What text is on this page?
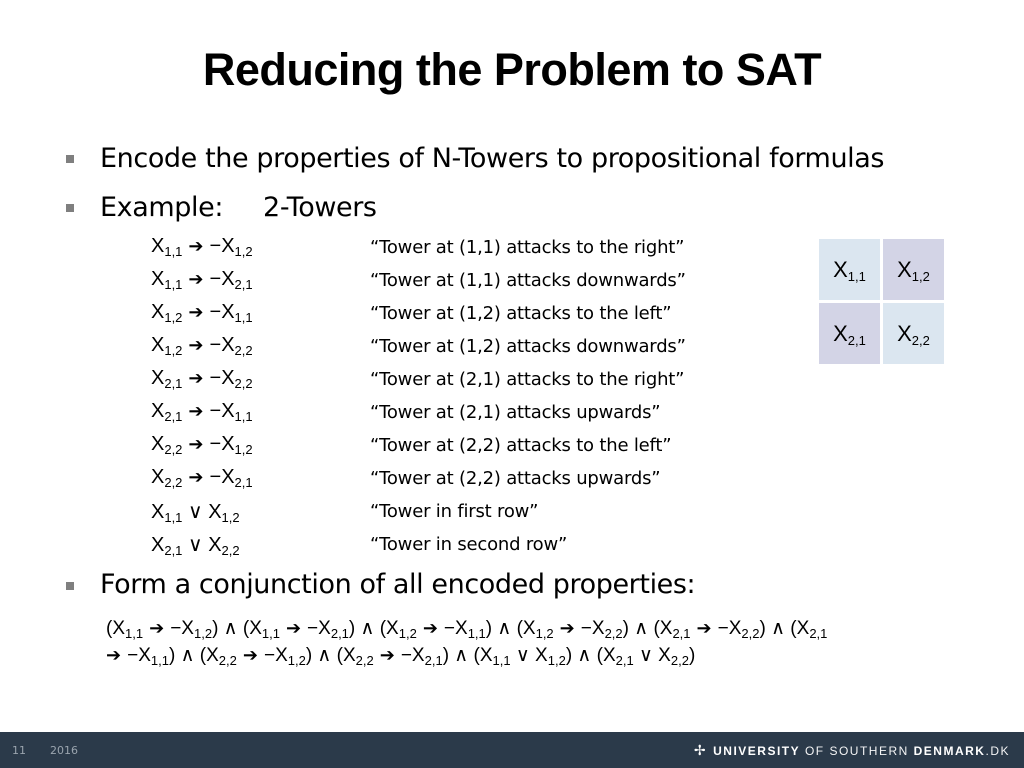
Reducing the Problem to SAT
Encode the properties of N-Towers to propositional formulas
Example: 2-Towers
$X_{1,1}$ ➔ $-X_{1,2}$	“Tower at (1,1) attacks to the right”
$X_{1,1}$ ➔ $-X_{2,1}$	“Tower at (1,1) attacks downwards”
$X_{1,2}$ ➔ $-X_{1,1}$	“Tower at (1,2) attacks to the left”
$X_{1,2}$ ➔ $-X_{2,2}$	“Tower at (1,2) attacks downwards”
$X_{2,1}$ ➔ $-X_{2,2}$	“Tower at (2,1) attacks to the right”
$X_{2,1}$ ➔ $-X_{1,1}$	“Tower at (2,1) attacks upwards”
$X_{2,2}$ ➔ $-X_{1,2}$	“Tower at (2,2) attacks to the left”
$X_{2,2}$ ➔ $-X_{2,1}$	“Tower at (2,2) attacks upwards”
$X_{1,1}$ ∨ $X_{1,2}$	“Tower in first row”
$X_{2,1}$ ∨ $X_{2,2}$	“Tower in second row”
$X_{1,1}$ $X_{1,2}$
$X_{2,1}$ $X_{2,2}$
Form a conjunction of all encoded properties:
($X_{1,1}$ ➔ $-X_{1,2}$) ∧ ($X_{1,1}$ ➔ $-X_{2,1}$) ∧ ($X_{1,2}$ ➔ $-X_{1,1}$) ∧ ($X_{1,2}$ ➔ $-X_{2,2}$) ∧ ($X_{2,1}$ ➔ $-X_{2,2}$) ∧ ($X_{2,1}$
➔ $-X_{1,1}$) ∧ ($X_{2,2}$ ➔ $-X_{1,2}$) ∧ ($X_{2,2}$ ➔ $-X_{2,1}$) ∧ ($X_{1,1}$ ∨ $X_{1,2}$) ∧ ($X_{2,1}$ ∨ $X_{2,2}$)
11 2016	✢ UNIVERSITY OF SOUTHERN DENMARK.DK
